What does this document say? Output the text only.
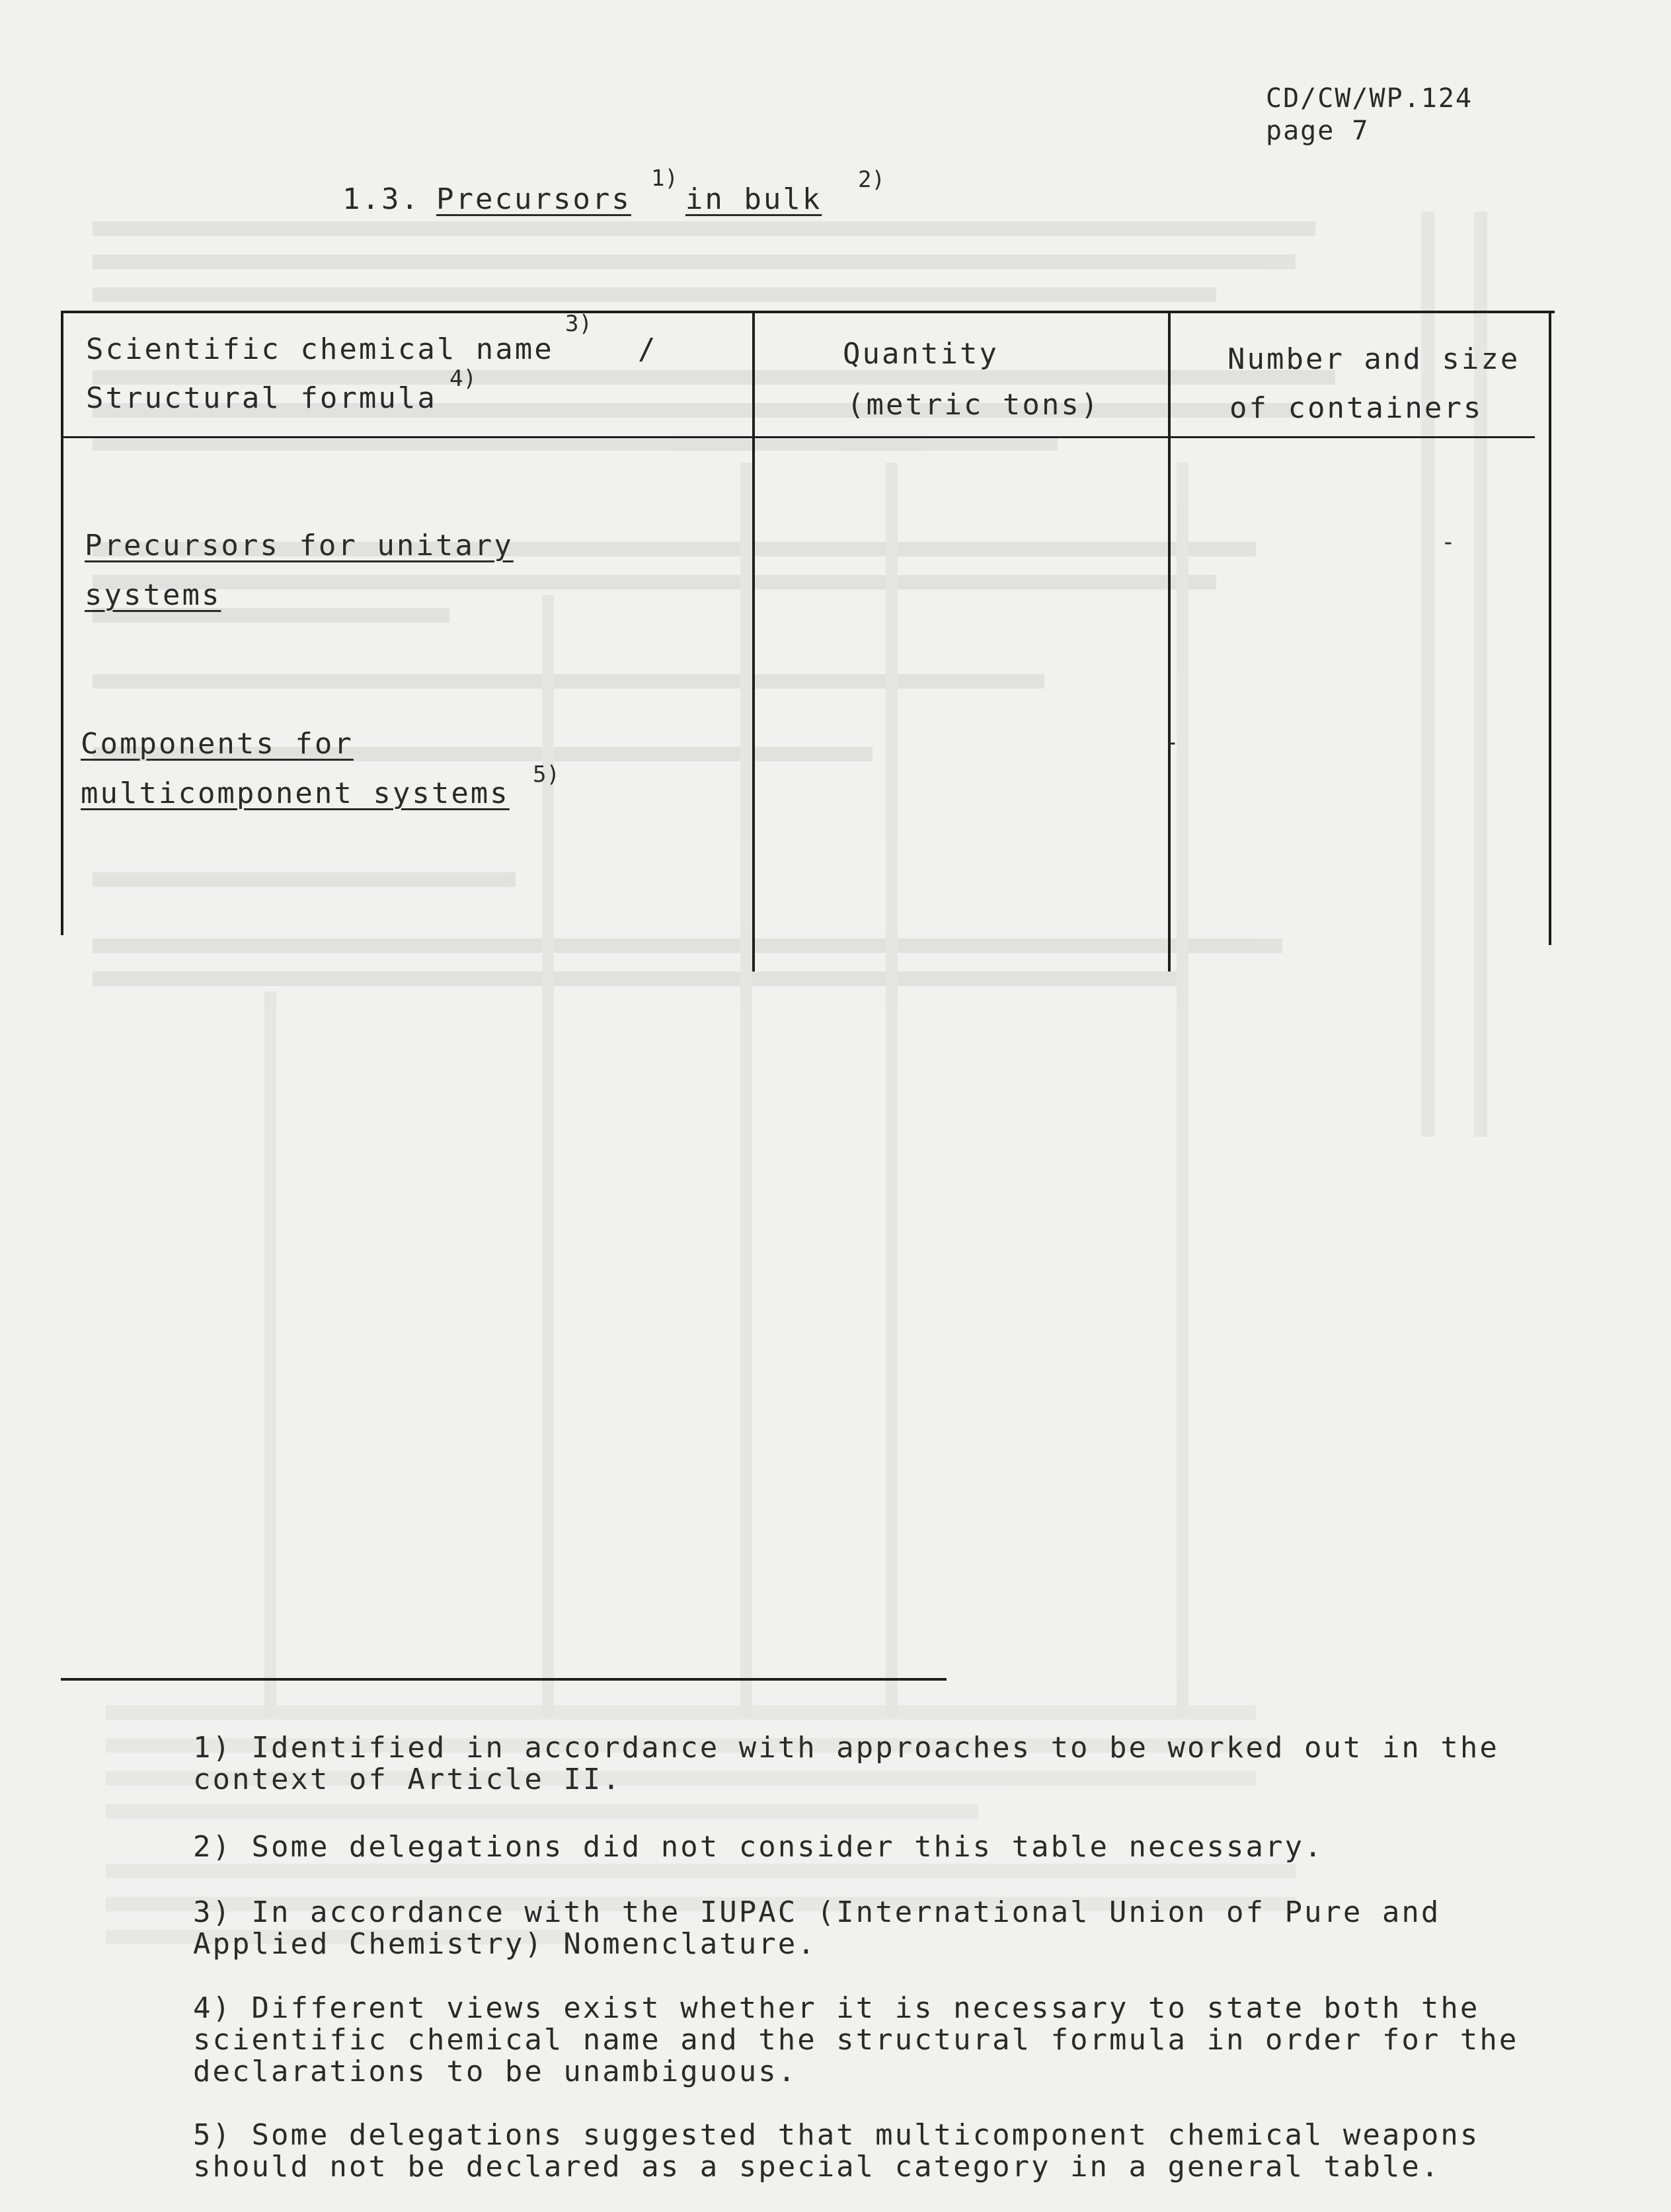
CD/CW/WP.124
page 7
1.3. Precursors in bulk
1)	2)
Scientific chemical name
3)
/
Structural formula
4)
Quantity
(metric tons)
Number and size
of containers
Precursors for unitary
systems
-
Components for
multicomponent systems
5)
-
1) Identified in accordance with approaches to be worked out in the
context of Article II.
2) Some delegations did not consider this table necessary.
3) In accordance with the IUPAC (International Union of Pure and
Applied Chemistry) Nomenclature.
4) Different views exist whether it is necessary to state both the
scientific chemical name and the structural formula in order for the
declarations to be unambiguous.
5) Some delegations suggested that multicomponent chemical weapons
should not be declared as a special category in a general table.
